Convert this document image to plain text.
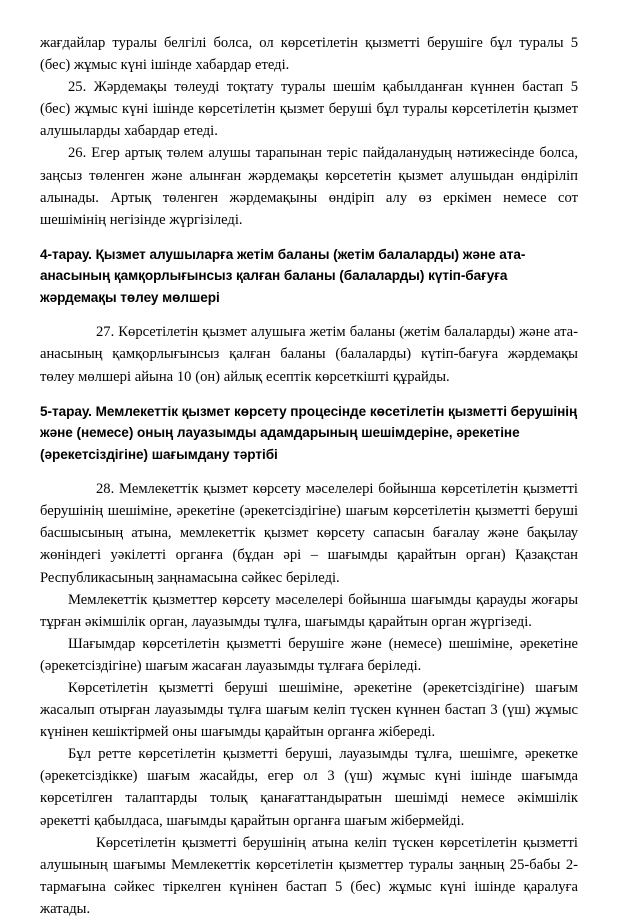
жағдайлар туралы белгілі болса, ол көрсетілетін қызметті берушіге бұл туралы 5 (бес) жұмыс күні ішінде хабардар етеді.

25. Жәрдемақы төлеуді тоқтату туралы шешім қабылданған күннен бастап 5 (бес) жұмыс күні ішінде көрсетілетін қызмет беруші бұл туралы көрсетілетін қызмет алушыларды хабардар етеді.

26. Егер артық төлем алушы тарапынан теріс пайдаланудың нәтижесінде болса, заңсыз төленген және алынған жәрдемақы көрсететін қызмет алушыдан өндіріліп алынады. Артық төленген жәрдемақыны өндіріп алу өз еркімен немесе сот шешімінің негізінде жүргізіледі.

4-тарау. Қызмет алушыларға жетім баланы (жетім балаларды) және ата-анасының қамқорлығынсыз қалған баланы (балаларды) күтіп-бағуға жәрдемақы төлеу мөлшері

27. Көрсетілетін қызмет алушыға жетім баланы (жетім балаларды) және ата-анасының қамқорлығынсыз қалған баланы (балаларды) күтіп-бағуға жәрдемақы төлеу мөлшері айына 10 (он) айлық есептік көрсеткішті құрайды.

5-тарау. Мемлекеттік қызмет көрсету процесінде көсетілетін қызметті берушінің және (немесе) оның лауазымды адамдарының шешімдеріне, әрекетіне (әрекетсіздігіне) шағымдану тәртібі

28. Мемлекеттік қызмет көрсету мәселелері бойынша көрсетілетін қызметті берушінің шешіміне, әрекетіне (әрекетсіздігіне) шағым көрсетілетін қызметті беруші басшысының атына, мемлекеттік қызмет көрсету сапасын бағалау және бақылау жөніндегі уәкілетті органға (бұдан әрі – шағымды қарайтын орган) Қазақстан Республикасының заңнамасына сәйкес беріледі.

Мемлекеттік қызметтер көрсету мәселелері бойынша шағымды қарауды жоғары тұрған әкімшілік орган, лауазымды тұлға, шағымды қарайтын орган жүргізеді.

Шағымдар көрсетілетін қызметті берушіге және (немесе) шешіміне, әрекетіне (әрекетсіздігіне) шағым жасаған лауазымды тұлғаға беріледі.

Көрсетілетін қызметті беруші шешіміне, әрекетіне (әрекетсіздігіне) шағым жасалып отырған лауазымды тұлға шағым келіп түскен күннен бастап 3 (үш) жұмыс күнінен кешіктірмей оны шағымды қарайтын органға жібереді.

Бұл ретте көрсетілетін қызметті беруші, лауазымды тұлға, шешімге, әрекетке (әрекетсіздікке) шағым жасайды, егер ол 3 (үш) жұмыс күні ішінде шағымда көрсетілген талаптарды толық қанағаттандыратын шешімді немесе әкімшілік әрекетті қабылдаса, шағымды қарайтын органға шағым жібермейді.

Көрсетілетін қызметті берушінің атына келіп түскен көрсетілетін қызметті алушының шағымы Мемлекеттік көрсетілетін қызметтер туралы заңның 25-бабы 2-тармағына сәйкес тіркелген күнінен бастап 5 (бес) жұмыс күні ішінде қаралуға жатады.
